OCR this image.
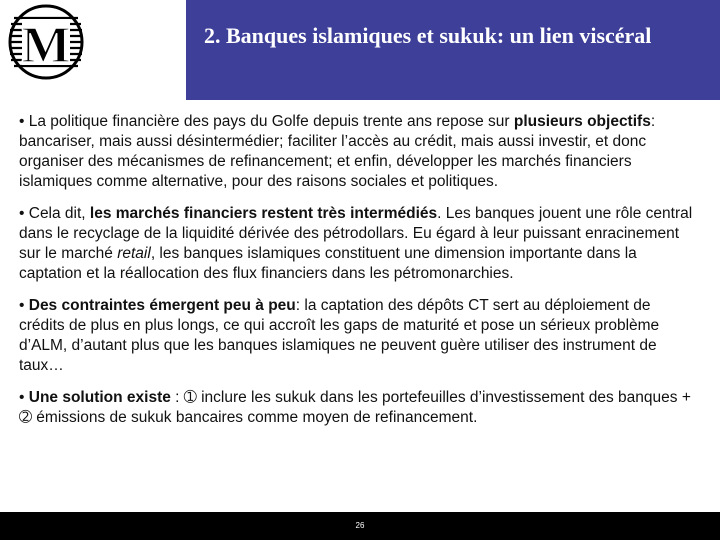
M	2. Banques islamiques et sukuk: un lien viscéral

• La politique financière des pays du Golfe depuis trente ans repose sur plusieurs objectifs: bancariser, mais aussi désintermédier; faciliter l’accès au crédit, mais aussi investir, et donc organiser des mécanismes de refinancement; et enfin, développer les marchés financiers islamiques comme alternative, pour des raisons sociales et politiques.

• Cela dit, les marchés financiers restent très intermédiés. Les banques jouent une rôle central dans le recyclage de la liquidité dérivée des pétrodollars. Eu égard à leur puissant enracinement sur le marché retail, les banques islamiques constituent une dimension importante dans la captation et la réallocation des flux financiers dans les pétromonarchies.

• Des contraintes émergent peu à peu: la captation des dépôts CT sert au déploiement de crédits de plus en plus longs, ce qui accroît les gaps de maturité et pose un sérieux problème d’ALM, d’autant plus que les banques islamiques ne peuvent guère utiliser des instrument de taux…

• Une solution existe : ➀ inclure les sukuk dans les portefeuilles d’investissement des banques + ➁ émissions de sukuk bancaires comme moyen de refinancement.

26
